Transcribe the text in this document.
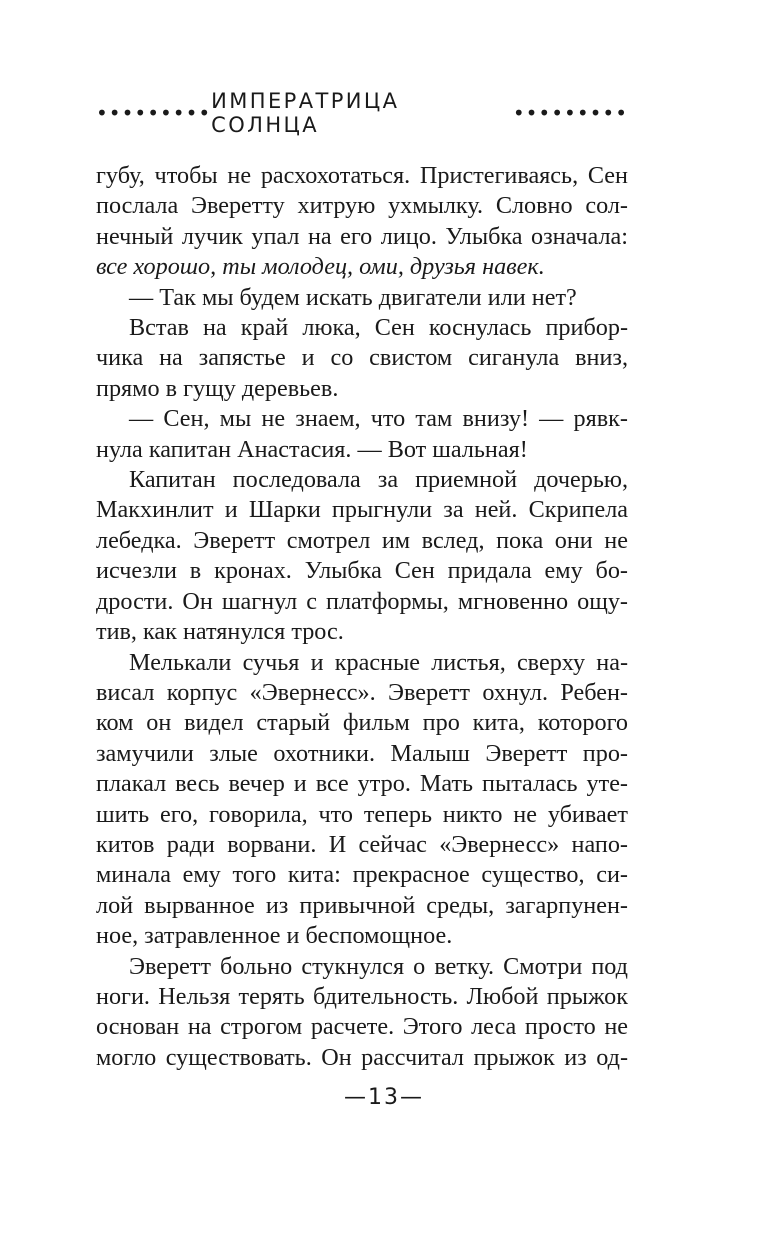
••••••••• ИМПЕРАТРИЦА СОЛНЦА	•••••••••
губу, чтобы не расхохотаться. Пристегиваясь, Сен
послала Эверетту хитрую ухмылку. Словно сол-
нечный лучик упал на его лицо. Улыбка означала:
все хорошо, ты молодец, оми, друзья навек.
— Так мы будем искать двигатели или нет?
Встав на край люка, Сен коснулась прибор-
чика на запястье и со свистом сиганула вниз,
прямо в гущу деревьев.
— Сен, мы не знаем, что там внизу! — рявк-
нула капитан Анастасия. — Вот шальная!
Капитан последовала за приемной дочерью,
Макхинлит и Шарки прыгнули за ней. Скрипела
лебедка. Эверетт смотрел им вслед, пока они не
исчезли в кронах. Улыбка Сен придала ему бо-
дрости. Он шагнул с платформы, мгновенно ощу-
тив, как натянулся трос.
Мелькали сучья и красные листья, сверху на-
висал корпус «Эвернесс». Эверетт охнул. Ребен-
ком он видел старый фильм про кита, которого
замучили злые охотники. Малыш Эверетт про-
плакал весь вечер и все утро. Мать пыталась уте-
шить его, говорила, что теперь никто не убивает
китов ради ворвани. И сейчас «Эвернесс» напо-
минала ему того кита: прекрасное существо, си-
лой вырванное из привычной среды, загарпунен-
ное, затравленное и беспомощное.
Эверетт больно стукнулся о ветку. Смотри под
ноги. Нельзя терять бдительность. Любой прыжок
основан на строгом расчете. Этого леса просто не
могло существовать. Он рассчитал прыжок из од-
—13—
